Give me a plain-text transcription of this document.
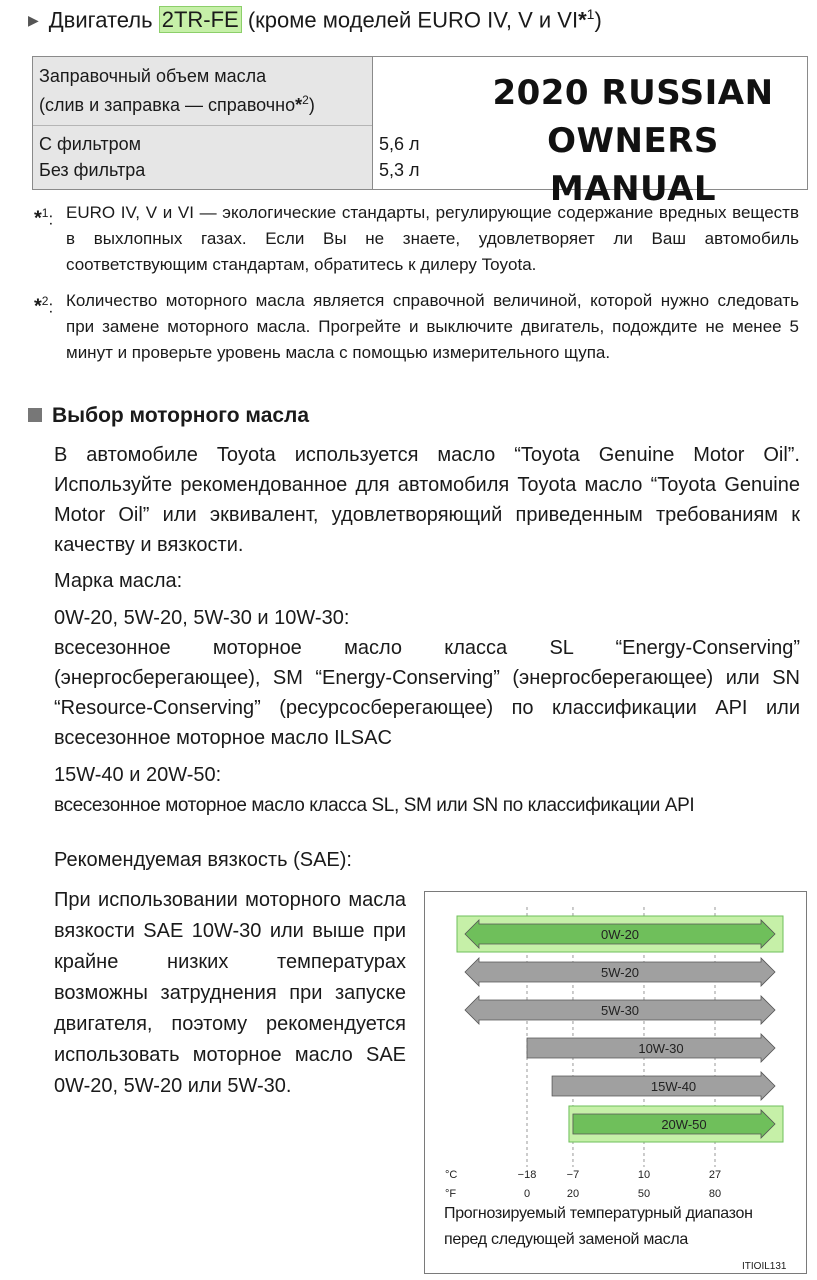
▶ Двигатель 2TR-FE (кроме моделей EURO IV, V и VI*$^1$)
Заправочный объем масла
(слив и заправка — справочно*$^2$)
С фильтром
Без фильтра
5,6 л
5,3 л
2020 RUSSIAN
OWNERS MANUAL
*$^1$: EURO IV, V и VI — экологические стандарты, регулирующие содержание вредных веществ в выхлопных газах. Если Вы не знаете, удовлетворяет ли Ваш автомобиль соответствующим стандартам, обратитесь к дилеру Toyota.
*$^2$: Количество моторного масла является справочной величиной, которой нужно следовать при замене моторного масла. Прогрейте и выключите двигатель, подождите не менее 5 минут и проверьте уровень масла с помощью измерительного щупа.
Выбор моторного масла
В автомобиле Toyota используется масло “Toyota Genuine Motor Oil”. Используйте рекомендованное для автомобиля Toyota масло “Toyota Genuine Motor Oil” или эквивалент, удовлетворяющий приведенным требованиям к качеству и вязкости.
Марка масла:
0W-20, 5W-20, 5W-30 и 10W-30:
всесезонное моторное масло класса SL “Energy-Conserving” (энергосберегающее), SM “Energy-Conserving” (энергосберегающее) или SN “Resource-Conserving” (ресурсосберегающее) по классификации API или всесезонное моторное масло ILSAC
15W-40 и 20W-50:
всесезонное моторное масло класса SL, SM или SN по классификации API
Рекомендуемая вязкость (SAE):
При использовании моторного масла вязкости SAE 10W-30 или выше при крайне низких температурах возможны затруднения при запуске двигателя, поэтому рекомендуется использовать моторное масло SAE 0W-20, 5W-20 или 5W-30.
0W-20
5W-20
5W-30
10W-30
15W-40
20W-50
°C
°F
−18
0
−7
20
10
50
27
80
Прогнозируемый температурный диапазон
перед следующей заменой масла
ITIOIL131
